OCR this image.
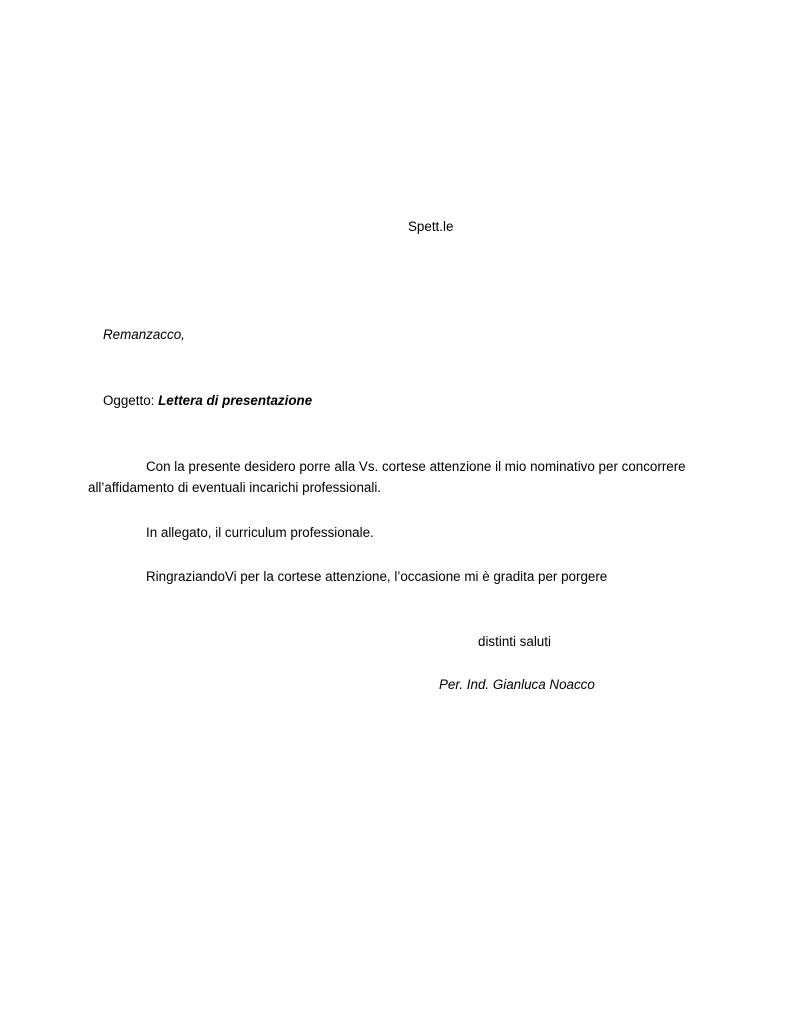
Spett.le
Remanzacco,
Oggetto: Lettera di presentazione
Con la presente desidero porre alla Vs. cortese attenzione il mio nominativo per concorrere
all’affidamento di eventuali incarichi professionali.
In allegato, il curriculum professionale.
RingraziandoVi per la cortese attenzione, l’occasione mi è gradita per porgere
distinti saluti
Per. Ind. Gianluca Noacco
